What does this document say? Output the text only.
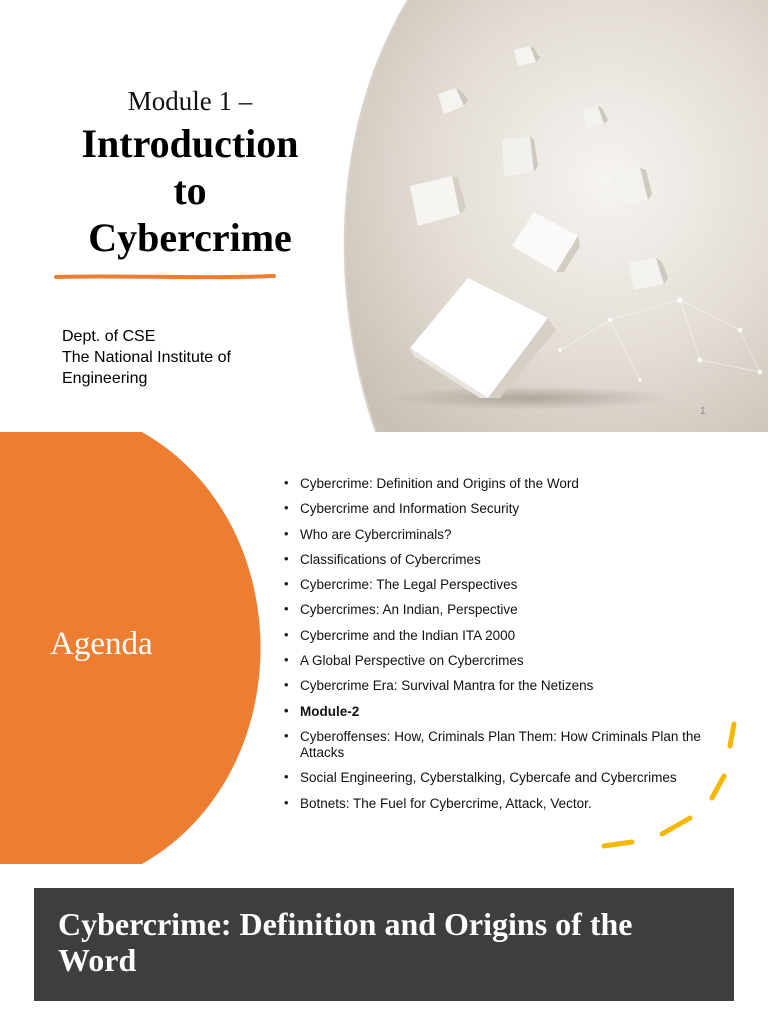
Module 1 –
Introduction
to
Cybercrime
Dept. of CSE
The National Institute of
Engineering
1
Agenda
• Cybercrime: Definition and Origins of the Word
• Cybercrime and Information Security
• Who are Cybercriminals?
• Classifications of Cybercrimes
• Cybercrime: The Legal Perspectives
• Cybercrimes: An Indian, Perspective
• Cybercrime and the Indian ITA 2000
• A Global Perspective on Cybercrimes
• Cybercrime Era: Survival Mantra for the Netizens
• Module-2
• Cyberoffenses: How, Criminals Plan Them: How Criminals Plan the Attacks
• Social Engineering, Cyberstalking, Cybercafe and Cybercrimes
• Botnets: The Fuel for Cybercrime, Attack, Vector.
Cybercrime: Definition and Origins of the Word
